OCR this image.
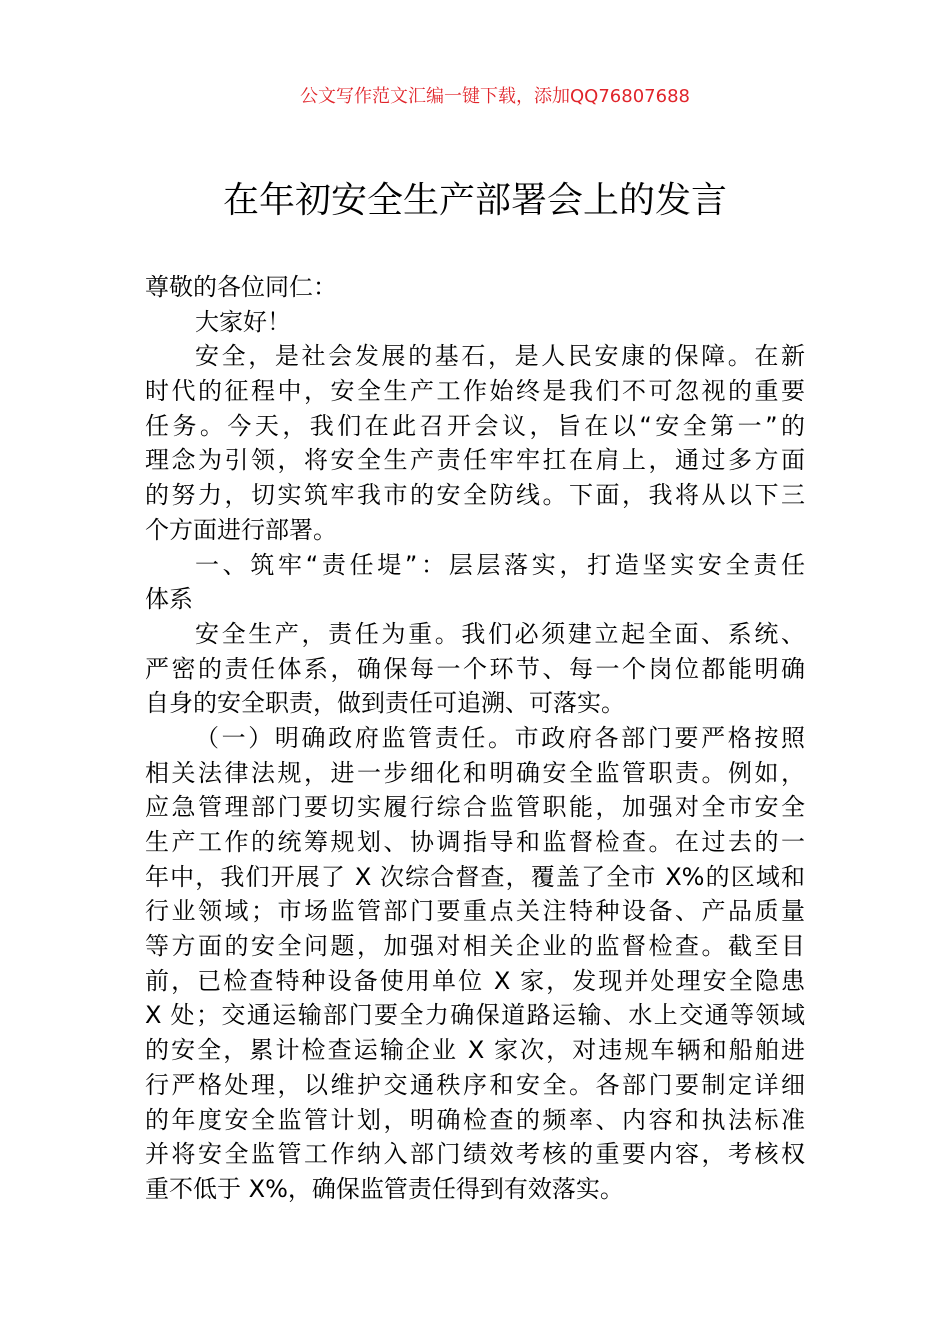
公文写作范文汇编一键下载，添加QQ76807688
在年初安全生产部署会上的发言
尊敬的各位同仁：
大家好！
安全，是社会发展的基石，是人民安康的保障。在新
时代的征程中，安全生产工作始终是我们不可忽视的重要
任务。今天，我们在此召开会议，旨在以“安全第一”的
理念为引领，将安全生产责任牢牢扛在肩上，通过多方面
的努力，切实筑牢我市的安全防线。下面，我将从以下三
个方面进行部署。
一、筑牢“责任堤”：层层落实，打造坚实安全责任
体系
安全生产，责任为重。我们必须建立起全面、系统、
严密的责任体系，确保每一个环节、每一个岗位都能明确
自身的安全职责，做到责任可追溯、可落实。
（一）明确政府监管责任。市政府各部门要严格按照
相关法律法规，进一步细化和明确安全监管职责。例如，
应急管理部门要切实履行综合监管职能，加强对全市安全
生产工作的统筹规划、协调指导和监督检查。在过去的一
年中，我们开展了 X 次综合督查，覆盖了全市 X%的区域和
行业领域；市场监管部门要重点关注特种设备、产品质量
等方面的安全问题，加强对相关企业的监督检查。截至目
前，已检查特种设备使用单位 X 家，发现并处理安全隐患
X 处；交通运输部门要全力确保道路运输、水上交通等领域
的安全，累计检查运输企业 X 家次，对违规车辆和船舶进
行严格处理，以维护交通秩序和安全。各部门要制定详细
的年度安全监管计划，明确检查的频率、内容和执法标准
并将安全监管工作纳入部门绩效考核的重要内容，考核权
重不低于 X%，确保监管责任得到有效落实。
